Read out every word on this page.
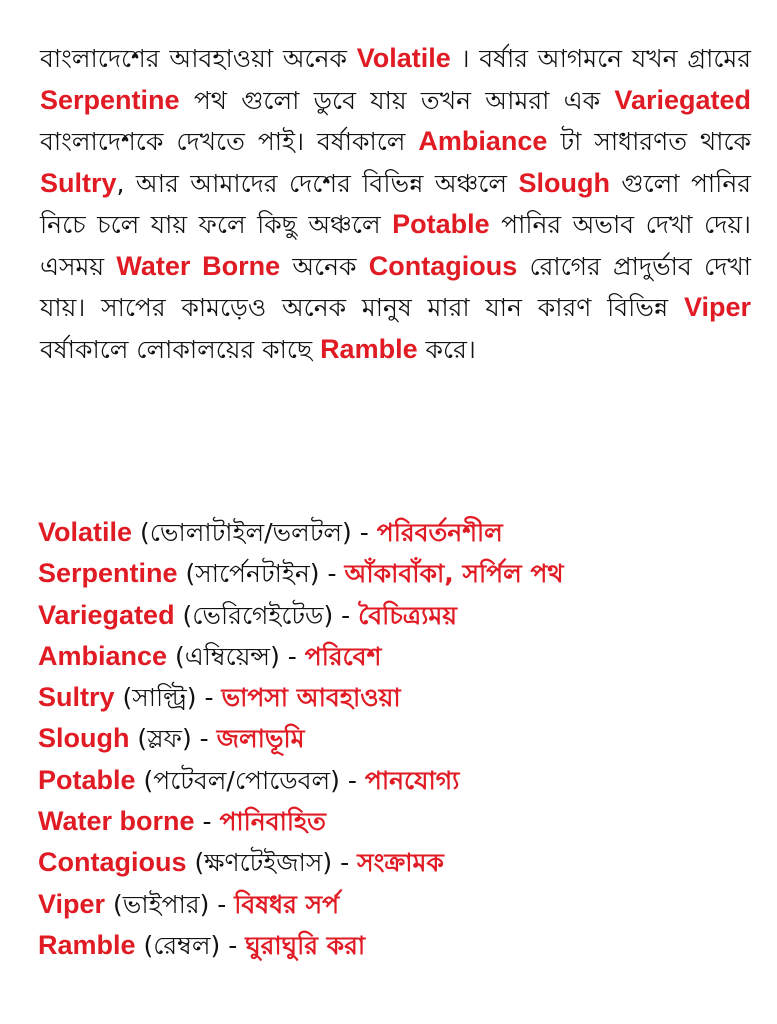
বাংলাদেশের আবহাওয়া অনেক Volatile । বর্ষার আগমনে যখন গ্রামের Serpentine পথ গুলো ডুবে যায় তখন আমরা এক Variegated বাংলাদেশকে দেখতে পাই। বর্ষাকালে Ambiance টা সাধারণত থাকে Sultry, আর আমাদের দেশের বিভিন্ন অঞ্চলে Slough গুলো পানির নিচে চলে যায় ফলে কিছু অঞ্চলে Potable পানির অভাব দেখা দেয়। এসময় Water Borne অনেক Contagious রোগের প্রাদুর্ভাব দেখা যায়। সাপের কামড়েও অনেক মানুষ মারা যান কারণ বিভিন্ন Viper বর্ষাকালে লোকালয়ের কাছে Ramble করে।

Volatile (ভোলাটাইল/ভলটল) - পরিবর্তনশীল
Serpentine (সার্পেনটাইন) - আঁকাবাঁকা, সর্পিল পথ
Variegated (ভেরিগেইটেড) - বৈচিত্র্যময়
Ambiance (এম্বিয়েন্স) - পরিবেশ
Sultry (সাল্ট্রি) - ভাপসা আবহাওয়া
Slough (স্লফ) - জলাভূমি
Potable (পটেবল/পোডেবল) - পানযোগ্য
Water borne - পানিবাহিত
Contagious (ক্ষণটেইজাস) - সংক্রামক
Viper (ভাইপার) - বিষধর সর্প
Ramble (রেম্বল) - ঘুরাঘুরি করা
